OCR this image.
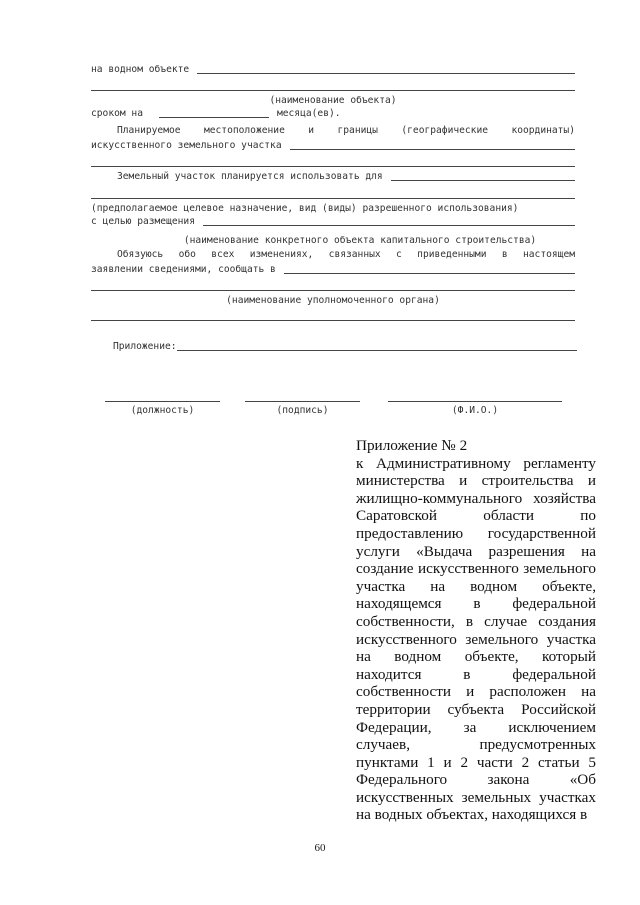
на водном объекте
(наименование объекта)
сроком на	месяца(ев).
Планируемое местоположение и границы (географические координаты)
искусственного земельного участка
Земельный участок планируется использовать для
(предполагаемое целевое назначение, вид (виды) разрешенного использования)
с целью размещения
(наименование конкретного объекта капитального строительства)
Обязуюсь обо всех изменениях, связанных с приведенными в настоящем
заявлении сведениями, сообщать в
(наименование уполномоченного органа)
Приложение:
(должность)	(подпись)	(Ф.И.О.)
Приложение № 2
к Административному регламенту министерства и строительства и жилищно-коммунального хозяйства Саратовской области по предоставлению государственной услуги «Выдача разрешения на создание искусственного земельного участка на водном объекте, находящемся в федеральной собственности, в случае создания искусственного земельного участка на водном объекте, который находится в федеральной собственности и расположен на территории субъекта Российской Федерации, за исключением случаев, предусмотренных пунктами 1 и 2 части 2 статьи 5 Федерального закона «Об искусственных земельных участках на водных объектах, находящихся в
60
